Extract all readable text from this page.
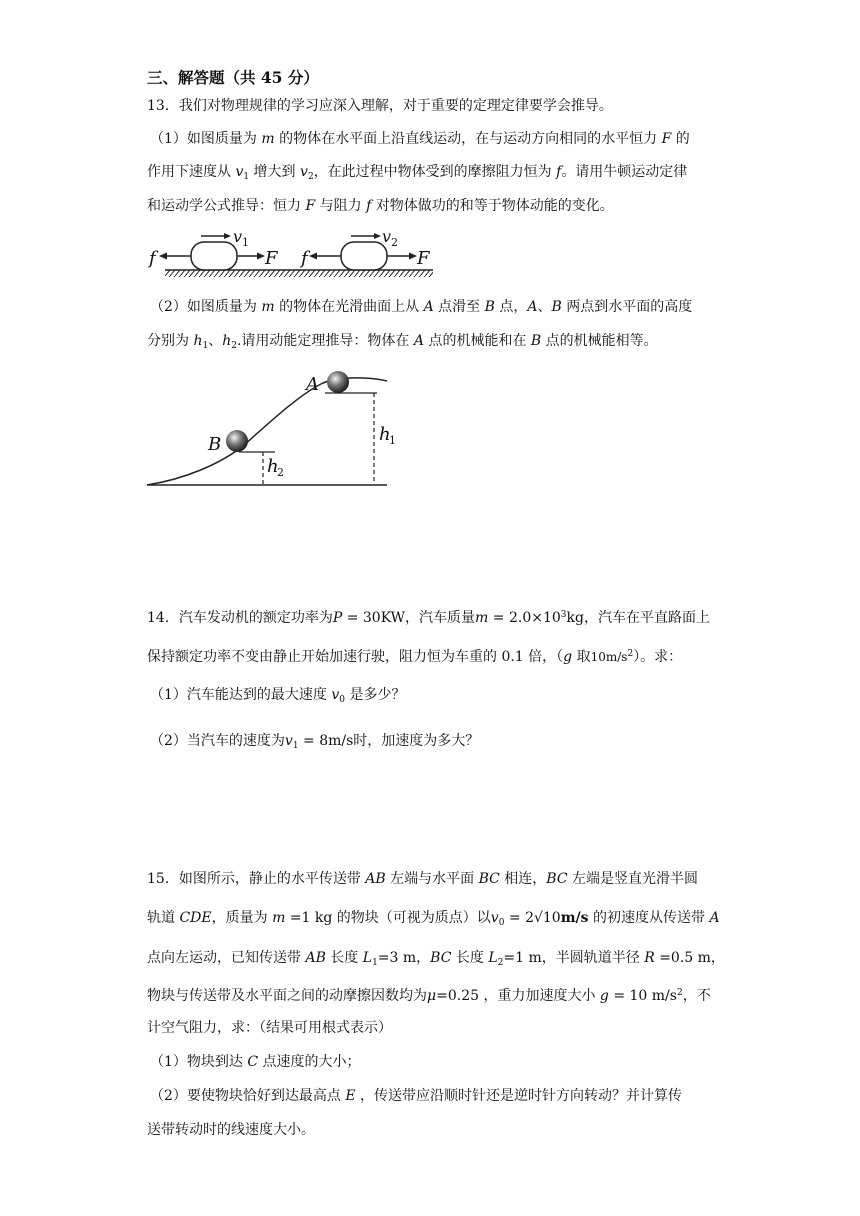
三、解答题（共 45 分）
13．我们对物理规律的学习应深入理解，对于重要的定理定律要学会推导。
（1）如图质量为 m 的物体在水平面上沿直线运动，在与运动方向相同的水平恒力 F 的
作用下速度从 $v_1$ 增大到 $v_2$，在此过程中物体受到的摩擦阻力恒为 f。请用牛顿运动定律
和运动学公式推导：恒力 F 与阻力 f 对物体做功的和等于物体动能的变化。
f	F f	F
v	v
1	2
（2）如图质量为 m 的物体在光滑曲面上从 A 点滑至 B 点，A、B 两点到水平面的高度
分别为 $h_1$、$h_2$.请用动能定理推导：物体在 A 点的机械能和在 B 点的机械能相等。
A
B	h
h
1
2
14．汽车发动机的额定功率为P = 30KW，汽车质量$m = 2.0\times 10^3kg$，汽车在平直路面上
保持额定功率不变由静止开始加速行驶，阻力恒为车重的 0.1 倍，（g 取$10m/s^2$）。求：
（1）汽车能达到的最大速度 $v_0$ 是多少？
（2）当汽车的速度为$v_1 = 8m/s$时，加速度为多大？
15．如图所示，静止的水平传送带 AB 左端与水平面 BC 相连，BC 左端是竖直光滑半圆
轨道 CDE，质量为 m =1 kg 的物块（可视为质点）以$v_0 = 2√10m/s$ 的初速度从传送带 A
点向左运动，已知传送带 AB 长度 $L_1=3$ m，BC 长度 $L_2=1$ m，半圆轨道半径 R =0.5 m，
物块与传送带及水平面之间的动摩擦因数均为μ=0.25 ，重力加速度大小 g = 10 $m/s^2$，不
计空气阻力，求：（结果可用根式表示）
（1）物块到达 C 点速度的大小；
（2）要使物块恰好到达最高点 E ，传送带应沿顺时针还是逆时针方向转动？并计算传
送带转动时的线速度大小。
